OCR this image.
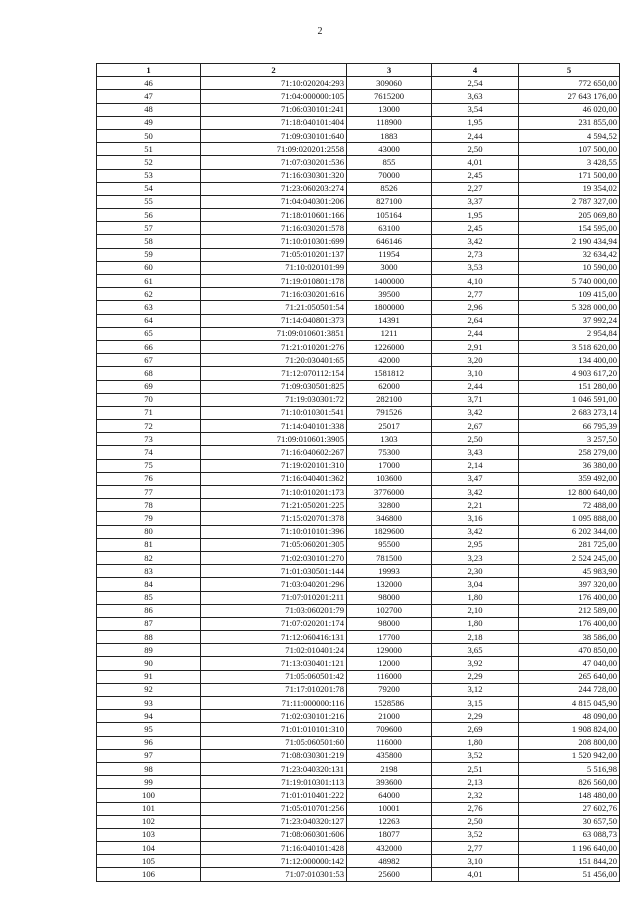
2
1	2	3	4	5
46	71:10:020204:293	309060	2,54	772 650,00
47	71:04:000000:105	7615200	3,63	27 643 176,00
48	71:06:030101:241	13000	3,54	46 020,00
49	71:18:040101:404	118900	1,95	231 855,00
50	71:09:030101:640	1883	2,44	4 594,52
51	71:09:020201:2558	43000	2,50	107 500,00
52	71:07:030201:536	855	4,01	3 428,55
53	71:16:030301:320	70000	2,45	171 500,00
54	71:23:060203:274	8526	2,27	19 354,02
55	71:04:040301:206	827100	3,37	2 787 327,00
56	71:18:010601:166	105164	1,95	205 069,80
57	71:16:030201:578	63100	2,45	154 595,00
58	71:10:010301:699	646146	3,42	2 190 434,94
59	71:05:010201:137	11954	2,73	32 634,42
60	71:10:020101:99	3000	3,53	10 590,00
61	71:19:010801:178	1400000	4,10	5 740 000,00
62	71:16:030201:616	39500	2,77	109 415,00
63	71:21:050501:54	1800000	2,96	5 328 000,00
64	71:14:040801:373	14391	2,64	37 992,24
65	71:09:010601:3851	1211	2,44	2 954,84
66	71:21:010201:276	1226000	2,91	3 518 620,00
67	71:20:030401:65	42000	3,20	134 400,00
68	71:12:070112:154	1581812	3,10	4 903 617,20
69	71:09:030501:825	62000	2,44	151 280,00
70	71:19:030301:72	282100	3,71	1 046 591,00
71	71:10:010301:541	791526	3,42	2 683 273,14
72	71:14:040101:338	25017	2,67	66 795,39
73	71:09:010601:3905	1303	2,50	3 257,50
74	71:16:040602:267	75300	3,43	258 279,00
75	71:19:020101:310	17000	2,14	36 380,00
76	71:16:040401:362	103600	3,47	359 492,00
77	71:10:010201:173	3776000	3,42	12 800 640,00
78	71:21:050201:225	32800	2,21	72 488,00
79	71:15:020701:378	346800	3,16	1 095 888,00
80	71:10:010101:396	1829600	3,42	6 202 344,00
81	71:05:060201:305	95500	2,95	281 725,00
82	71:02:030101:270	781500	3,23	2 524 245,00
83	71:01:030501:144	19993	2,30	45 983,90
84	71:03:040201:296	132000	3,04	397 320,00
85	71:07:010201:211	98000	1,80	176 400,00
86	71:03:060201:79	102700	2,10	212 589,00
87	71:07:020201:174	98000	1,80	176 400,00
88	71:12:060416:131	17700	2,18	38 586,00
89	71:02:010401:24	129000	3,65	470 850,00
90	71:13:030401:121	12000	3,92	47 040,00
91	71:05:060501:42	116000	2,29	265 640,00
92	71:17:010201:78	79200	3,12	244 728,00
93	71:11:000000:116	1528586	3,15	4 815 045,90
94	71:02:030101:216	21000	2,29	48 090,00
95	71:01:010101:310	709600	2,69	1 908 824,00
96	71:05:060501:60	116000	1,80	208 800,00
97	71:08:030301:219	435800	3,52	1 520 942,00
98	71:23:040320:131	2198	2,51	5 516,98
99	71:19:010301:113	393600	2,13	826 560,00
100	71:01:010401:222	64000	2,32	148 480,00
101	71:05:010701:256	10001	2,76	27 602,76
102	71:23:040320:127	12263	2,50	30 657,50
103	71:08:060301:606	18077	3,52	63 088,73
104	71:16:040101:428	432000	2,77	1 196 640,00
105	71:12:000000:142	48982	3,10	151 844,20
106	71:07:010301:53	25600	4,01	51 456,00
